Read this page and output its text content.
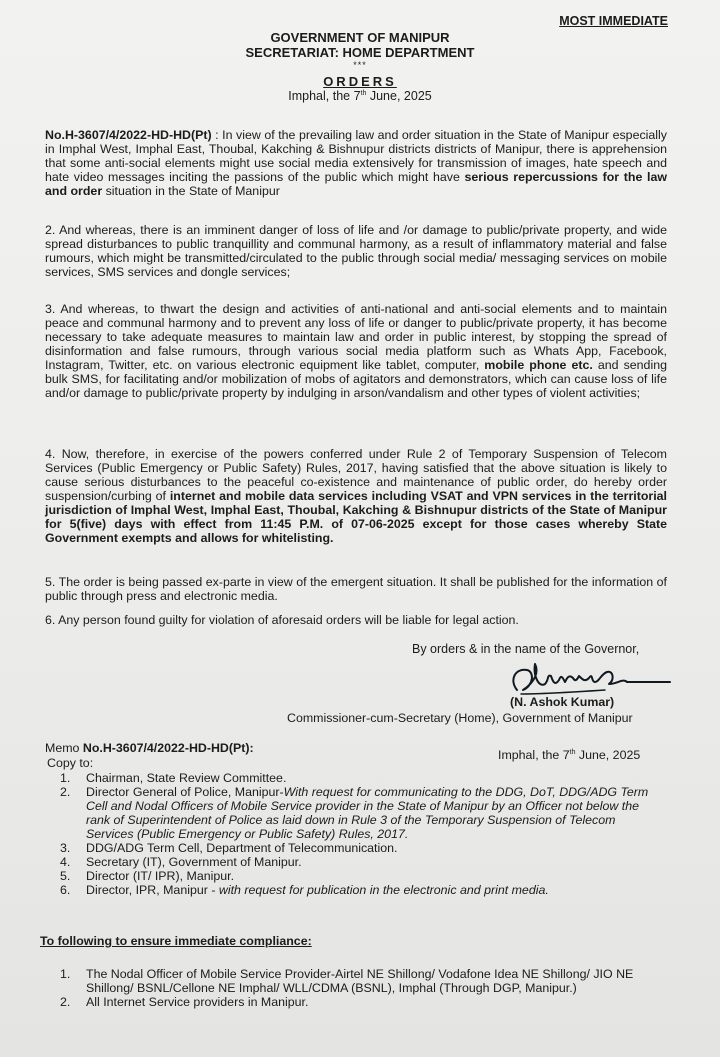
MOST IMMEDIATE
GOVERNMENT OF MANIPUR
SECRETARIAT: HOME DEPARTMENT
***
ORDERS
Imphal, the 7th June, 2025
No.H-3607/4/2022-HD-HD(Pt) : In view of the prevailing law and order situation in the State of Manipur especially in Imphal West, Imphal East, Thoubal, Kakching & Bishnupur districts districts of Manipur, there is apprehension that some anti-social elements might use social media extensively for transmission of images, hate speech and hate video messages inciting the passions of the public which might have serious repercussions for the law and order situation in the State of Manipur
2. And whereas, there is an imminent danger of loss of life and /or damage to public/private property, and wide spread disturbances to public tranquillity and communal harmony, as a result of inflammatory material and false rumours, which might be transmitted/circulated to the public through social media/ messaging services on mobile services, SMS services and dongle services;
3. And whereas, to thwart the design and activities of anti-national and anti-social elements and to maintain peace and communal harmony and to prevent any loss of life or danger to public/private property, it has become necessary to take adequate measures to maintain law and order in public interest, by stopping the spread of disinformation and false rumours, through various social media platform such as Whats App, Facebook, Instagram, Twitter, etc. on various electronic equipment like tablet, computer, mobile phone etc. and sending bulk SMS, for facilitating and/or mobilization of mobs of agitators and demonstrators, which can cause loss of life and/or damage to public/private property by indulging in arson/vandalism and other types of violent activities;
4. Now, therefore, in exercise of the powers conferred under Rule 2 of Temporary Suspension of Telecom Services (Public Emergency or Public Safety) Rules, 2017, having satisfied that the above situation is likely to cause serious disturbances to the peaceful co-existence and maintenance of public order, do hereby order suspension/curbing of internet and mobile data services including VSAT and VPN services in the territorial jurisdiction of Imphal West, Imphal East, Thoubal, Kakching & Bishnupur districts of the State of Manipur for 5(five) days with effect from 11:45 P.M. of 07-06-2025 except for those cases whereby State Government exempts and allows for whitelisting.
5. The order is being passed ex-parte in view of the emergent situation. It shall be published for the information of public through press and electronic media.
6. Any person found guilty for violation of aforesaid orders will be liable for legal action.
By orders & in the name of the Governor,
(N. Ashok Kumar)
Commissioner-cum-Secretary (Home), Government of Manipur
Memo No.H-3607/4/2022-HD-HD(Pt):	Imphal, the 7th June, 2025
Copy to:
1.	Chairman, State Review Committee.
2.	Director General of Police, Manipur-With request for communicating to the DDG, DoT, DDG/ADG Term Cell and Nodal Officers of Mobile Service provider in the State of Manipur by an Officer not below the rank of Superintendent of Police as laid down in Rule 3 of the Temporary Suspension of Telecom Services (Public Emergency or Public Safety) Rules, 2017.
3.	DDG/ADG Term Cell, Department of Telecommunication.
4.	Secretary (IT), Government of Manipur.
5.	Director (IT/ IPR), Manipur.
6.	Director, IPR, Manipur - with request for publication in the electronic and print media.
To following to ensure immediate compliance:
1.	The Nodal Officer of Mobile Service Provider-Airtel NE Shillong/ Vodafone Idea NE Shillong/ JIO NE Shillong/ BSNL/Cellone NE Imphal/ WLL/CDMA (BSNL), Imphal (Through DGP, Manipur.)
2.	All Internet Service providers in Manipur.
